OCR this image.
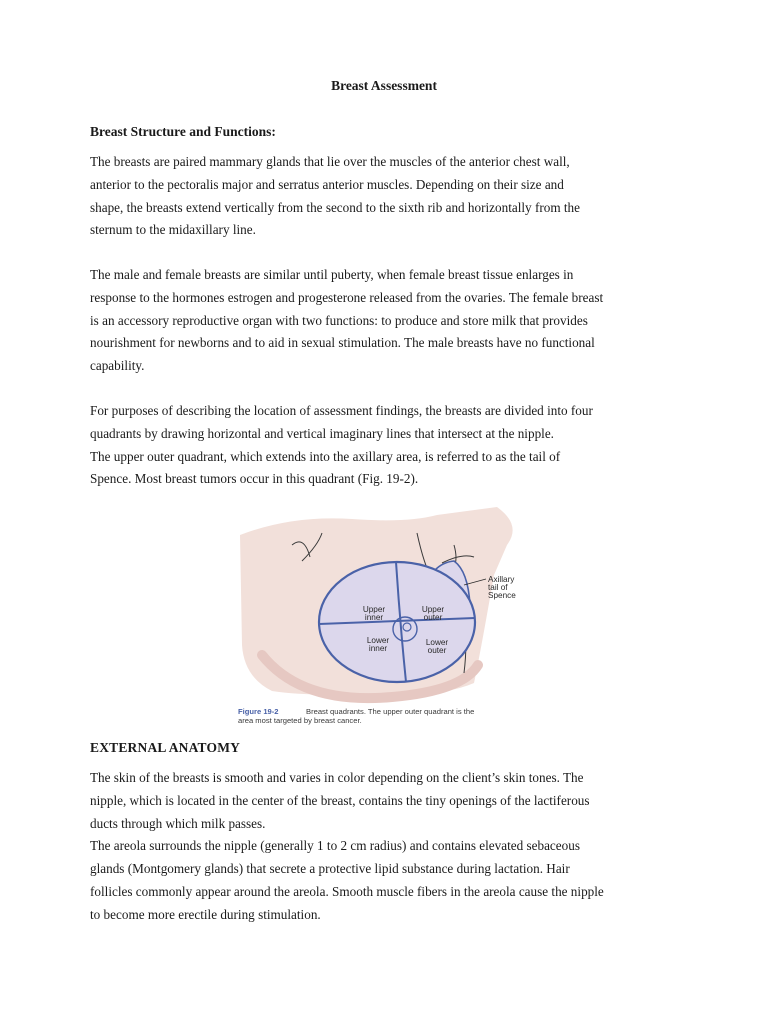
Breast Assessment
Breast Structure and Functions:

The breasts are paired mammary glands that lie over the muscles of the anterior chest wall,
anterior to the pectoralis major and serratus anterior muscles. Depending on their size and
shape, the breasts extend vertically from the second to the sixth rib and horizontally from the
sternum to the midaxillary line.

The male and female breasts are similar until puberty, when female breast tissue enlarges in
response to the hormones estrogen and progesterone released from the ovaries. The female breast
is an accessory reproductive organ with two functions: to produce and store milk that provides
nourishment for newborns and to aid in sexual stimulation. The male breasts have no functional
capability.

For purposes of describing the location of assessment findings, the breasts are divided into four
quadrants by drawing horizontal and vertical imaginary lines that intersect at the nipple.
The upper outer quadrant, which extends into the axillary area, is referred to as the tail of
Spence. Most breast tumors occur in this quadrant (Fig. 19-2).

Upper
inner
Upper
outer
Lower
inner
Lower
outer
Axillary
tail of
Spence
Figure 19-2	Breast quadrants. The upper outer quadrant is the
area most targeted by breast cancer.
EXTERNAL ANATOMY

The skin of the breasts is smooth and varies in color depending on the client’s skin tones. The
nipple, which is located in the center of the breast, contains the tiny openings of the lactiferous
ducts through which milk passes.
The areola surrounds the nipple (generally 1 to 2 cm radius) and contains elevated sebaceous
glands (Montgomery glands) that secrete a protective lipid substance during lactation. Hair
follicles commonly appear around the areola. Smooth muscle fibers in the areola cause the nipple
to become more erectile during stimulation.
